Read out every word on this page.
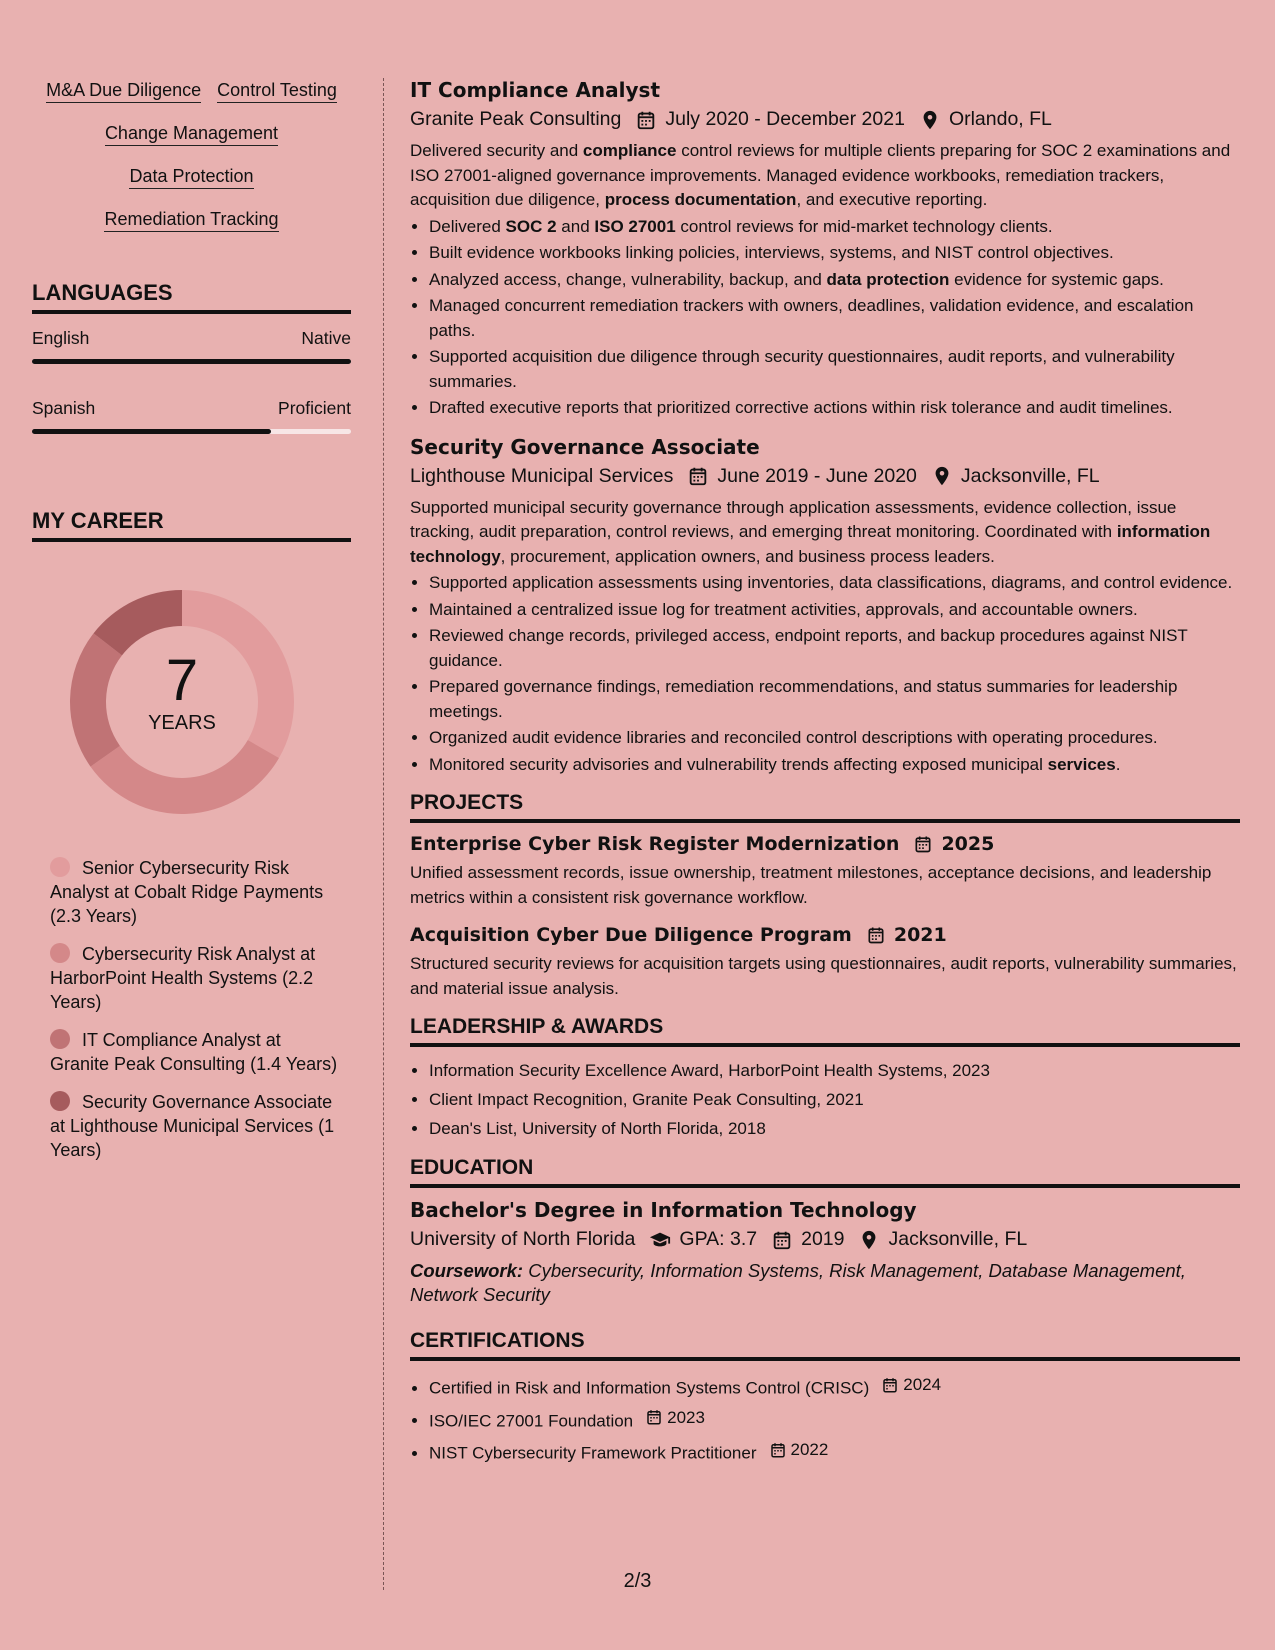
M&A Due Diligence Control Testing
Change Management
Data Protection
Remediation Tracking
LANGUAGES
English	Native
Spanish	Proficient
MY CAREER
7
YEARS
Senior Cybersecurity Risk Analyst at Cobalt Ridge Payments (2.3 Years)
Cybersecurity Risk Analyst at HarborPoint Health Systems (2.2 Years)
IT Compliance Analyst at Granite Peak Consulting (1.4 Years)
Security Governance Associate at Lighthouse Municipal Services (1 Years)
IT Compliance Analyst
Granite Peak Consulting July 2020 - December 2021 Orlando, FL
Delivered security and compliance control reviews for multiple clients preparing for SOC 2 examinations and ISO 27001-aligned governance improvements. Managed evidence workbooks, remediation trackers, acquisition due diligence, process documentation, and executive reporting.
• Delivered SOC 2 and ISO 27001 control reviews for mid-market technology clients.
• Built evidence workbooks linking policies, interviews, systems, and NIST control objectives.
• Analyzed access, change, vulnerability, backup, and data protection evidence for systemic gaps.
• Managed concurrent remediation trackers with owners, deadlines, validation evidence, and escalation paths.
• Supported acquisition due diligence through security questionnaires, audit reports, and vulnerability summaries.
• Drafted executive reports that prioritized corrective actions within risk tolerance and audit timelines.
Security Governance Associate
Lighthouse Municipal Services June 2019 - June 2020 Jacksonville, FL
Supported municipal security governance through application assessments, evidence collection, issue tracking, audit preparation, control reviews, and emerging threat monitoring. Coordinated with information technology, procurement, application owners, and business process leaders.
• Supported application assessments using inventories, data classifications, diagrams, and control evidence.
• Maintained a centralized issue log for treatment activities, approvals, and accountable owners.
• Reviewed change records, privileged access, endpoint reports, and backup procedures against NIST guidance.
• Prepared governance findings, remediation recommendations, and status summaries for leadership meetings.
• Organized audit evidence libraries and reconciled control descriptions with operating procedures.
• Monitored security advisories and vulnerability trends affecting exposed municipal services.
PROJECTS
Enterprise Cyber Risk Register Modernization 2025
Unified assessment records, issue ownership, treatment milestones, acceptance decisions, and leadership metrics within a consistent risk governance workflow.
Acquisition Cyber Due Diligence Program 2021
Structured security reviews for acquisition targets using questionnaires, audit reports, vulnerability summaries, and material issue analysis.
LEADERSHIP & AWARDS
• Information Security Excellence Award, HarborPoint Health Systems, 2023
• Client Impact Recognition, Granite Peak Consulting, 2021
• Dean's List, University of North Florida, 2018
EDUCATION
Bachelor's Degree in Information Technology
University of North Florida GPA: 3.7 2019 Jacksonville, FL
Coursework: Cybersecurity, Information Systems, Risk Management, Database Management, Network Security
CERTIFICATIONS
• Certified in Risk and Information Systems Control (CRISC) 2024
• ISO/IEC 27001 Foundation 2023
• NIST Cybersecurity Framework Practitioner 2022
2/3
